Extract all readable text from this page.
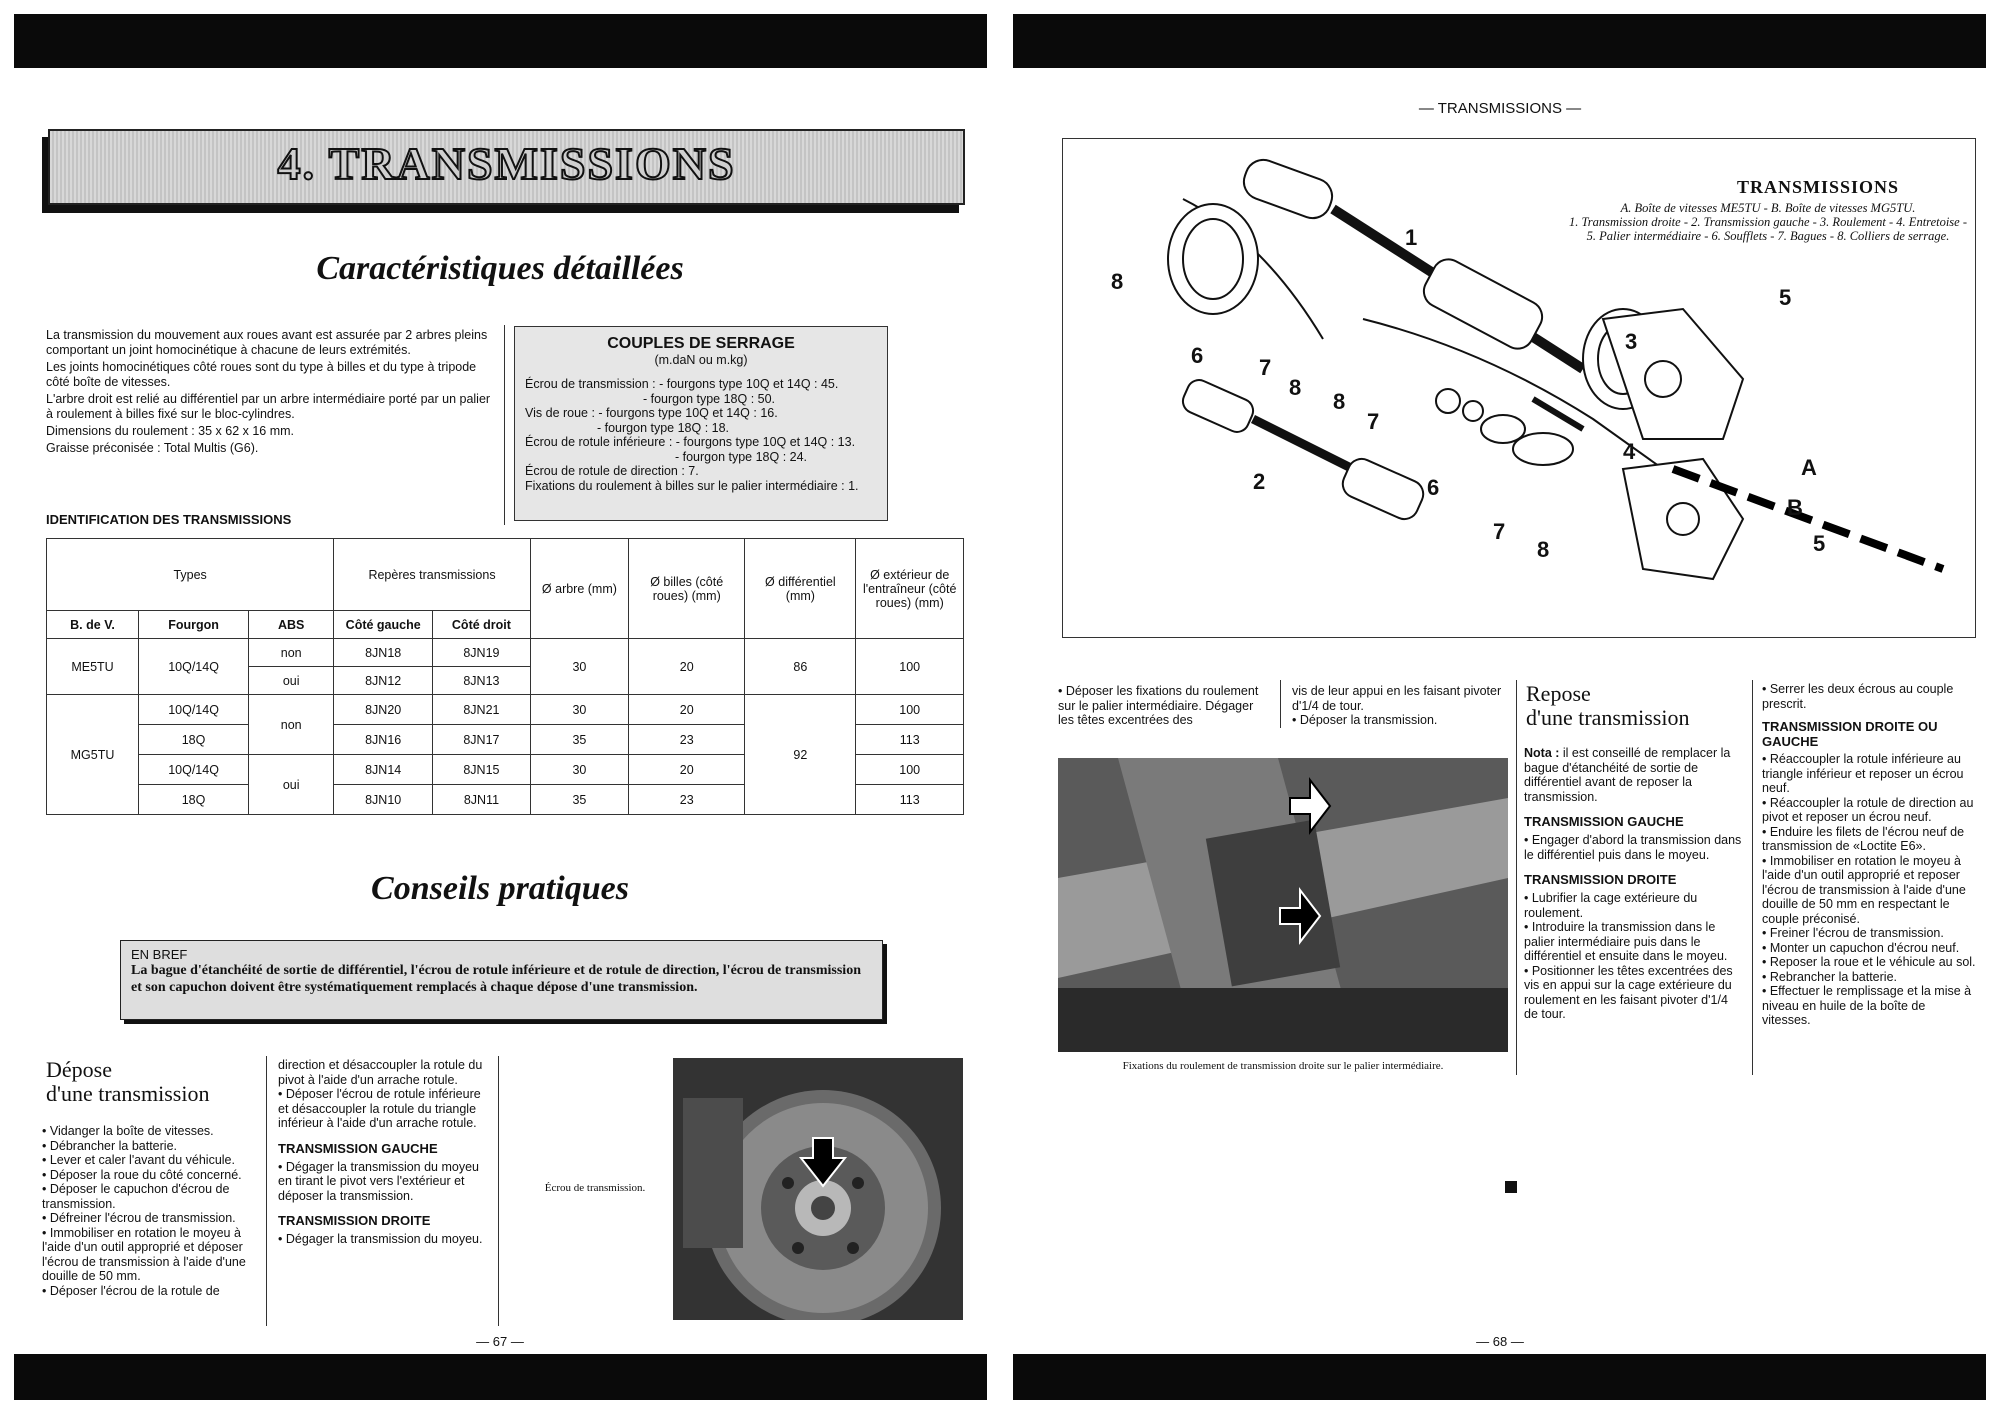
4. TRANSMISSIONS
Caractéristiques détaillées

La transmission du mouvement aux roues avant est assurée par 2 arbres pleins comportant un joint homocinétique à chacune de leurs extrémités.

Les joints homocinétiques côté roues sont du type à billes et du type à tripode côté boîte de vitesses.

L'arbre droit est relié au différentiel par un arbre intermédiaire porté par un palier à roulement à billes fixé sur le bloc-cylindres.

Dimensions du roulement : 35 x 62 x 16 mm.

Graisse préconisée : Total Multis (G6).

COUPLES DE SERRAGE
(m.daN ou m.kg)
Écrou de transmission : - fourgons type 10Q et 14Q : 45.
- fourgon type 18Q : 50.
Vis de roue : - fourgons type 10Q et 14Q : 16.
- fourgon type 18Q : 18.
Écrou de rotule inférieure : - fourgons type 10Q et 14Q : 13.
- fourgon type 18Q : 24.
Écrou de rotule de direction : 7.
Fixations du roulement à billes sur le palier intermédiaire : 1.
IDENTIFICATION DES TRANSMISSIONS
Types			Repères transmissions		Ø arbre (mm)	Ø billes (côté roues) (mm)	Ø différentiel (mm)	Ø extérieur de l'entraîneur (côté roues) (mm)
B. de V.	Fourgon	ABS	Côté gauche	Côté droit				
ME5TU	10Q/14Q	non	8JN18	8JN19	30	20	86	100
		oui	8JN12	8JN13				
MG5TU	10Q/14Q	non	8JN20	8JN21	30	20	92	100
	18Q		8JN16	8JN17	35	23		113
	10Q/14Q	oui	8JN14	8JN15	30	20		100
	18Q		8JN10	8JN11	35	23		113
Conseils pratiques
EN BREF
La bague d'étanchéité de sortie de différentiel, l'écrou de rotule inférieure et de rotule de direction, l'écrou de transmission et son capuchon doivent être systématiquement remplacés à chaque dépose d'une transmission.
Dépose
d'une transmission

• Vidanger la boîte de vitesses.

• Débrancher la batterie.

• Lever et caler l'avant du véhicule.

• Déposer la roue du côté concerné.

• Déposer le capuchon d'écrou de transmission.

• Défreiner l'écrou de transmission.

• Immobiliser en rotation le moyeu à l'aide d'un outil approprié et déposer l'écrou de transmission à l'aide d'une douille de 50 mm.

• Déposer l'écrou de la rotule de

direction et désaccoupler la rotule du pivot à l'aide d'un arrache rotule.

• Déposer l'écrou de rotule inférieure et désaccoupler la rotule du triangle inférieur à l'aide d'un arrache rotule.

TRANSMISSION GAUCHE

• Dégager la transmission du moyeu en tirant le pivot vers l'extérieur et déposer la transmission.

TRANSMISSION DROITE

• Dégager la transmission du moyeu.

Écrou de transmission.
— 67 —
— TRANSMISSIONS —
TRANSMISSIONS
A. Boîte de vitesses ME5TU - B. Boîte de vitesses MG5TU.
1. Transmission droite - 2. Transmission gauche - 3. Roulement - 4. Entretoise -
5. Palier intermédiaire - 6. Soufflets - 7. Bagues - 8. Colliers de serrage.
8
6	7
8
1
8
7
2	6
7
8
3
4
5
A
B
5

• Déposer les fixations du roulement sur le palier intermédiaire. Dégager les têtes excentrées des

vis de leur appui en les faisant pivoter d'1/4 de tour.

• Déposer la transmission.

Fixations du roulement de transmission droite sur le palier intermédiaire.
Repose
d'une transmission

Nota : il est conseillé de remplacer la bague d'étanchéité de sortie de différentiel avant de reposer la transmission.

TRANSMISSION GAUCHE

• Engager d'abord la transmission dans le différentiel puis dans le moyeu.

TRANSMISSION DROITE

• Lubrifier la cage extérieure du roulement.

• Introduire la transmission dans le palier intermédiaire puis dans le différentiel et ensuite dans le moyeu.

• Positionner les têtes excentrées des vis en appui sur la cage extérieure du roulement en les faisant pivoter d'1/4 de tour.

• Serrer les deux écrous au couple prescrit.

TRANSMISSION DROITE OU GAUCHE

• Réaccoupler la rotule inférieure au triangle inférieur et reposer un écrou neuf.

• Réaccoupler la rotule de direction au pivot et reposer un écrou neuf.

• Enduire les filets de l'écrou neuf de transmission de «Loctite E6».

• Immobiliser en rotation le moyeu à l'aide d'un outil approprié et reposer l'écrou de transmission à l'aide d'une douille de 50 mm en respectant le couple préconisé.

• Freiner l'écrou de transmission.

• Monter un capuchon d'écrou neuf.

• Reposer la roue et le véhicule au sol.

• Rebrancher la batterie.

• Effectuer le remplissage et la mise à niveau en huile de la boîte de vitesses.

— 68 —
